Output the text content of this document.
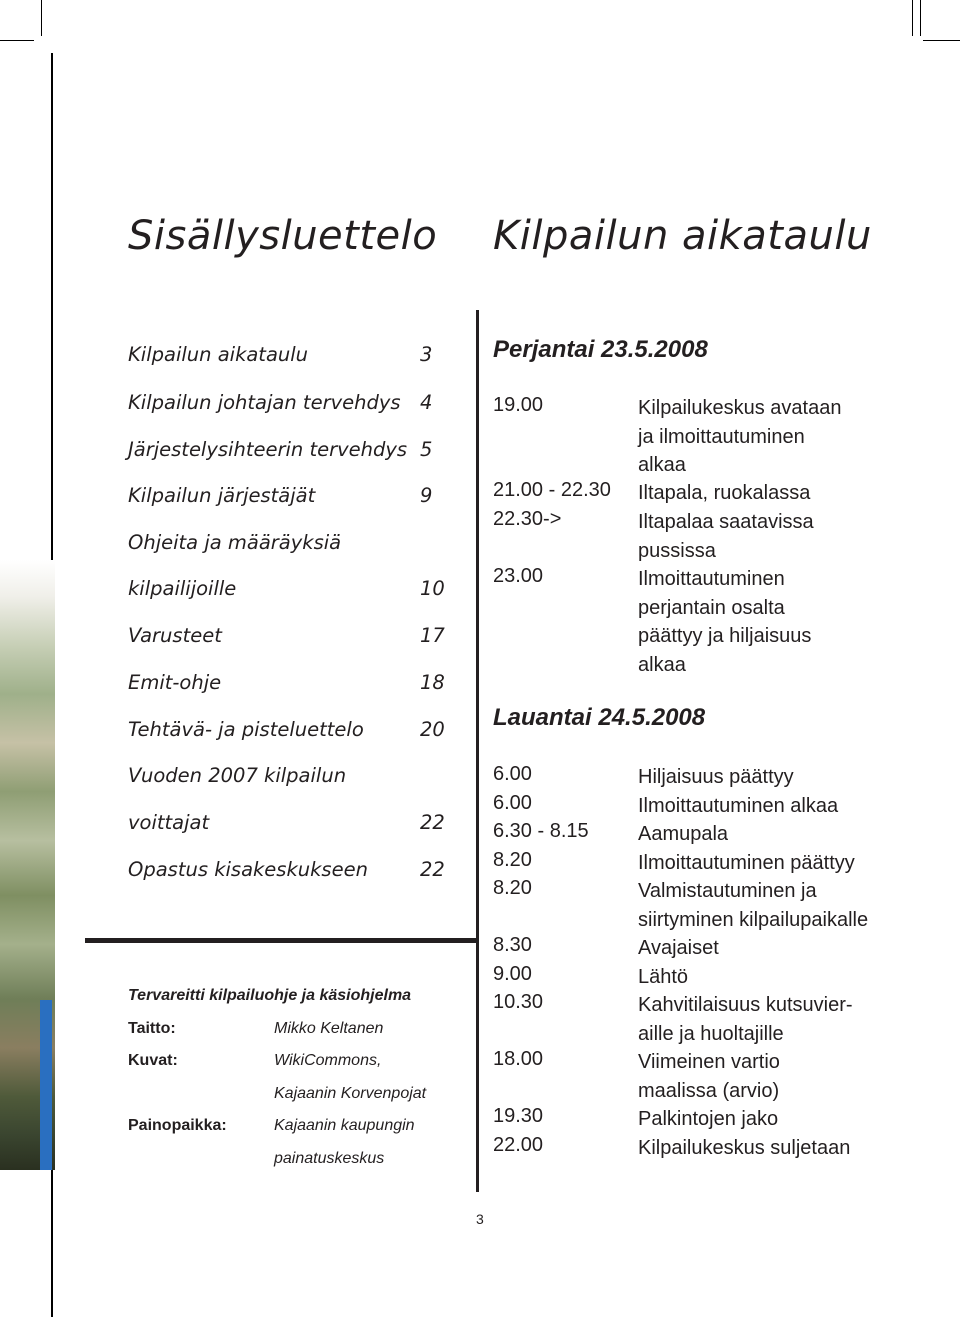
Sisällysluettelo Kilpailun aikataulu
Kilpailun aikataulu	3
Kilpailun johtajan tervehdys 4
Järjestelysihteerin tervehdys 5
Kilpailun järjestäjät	9
Ohjeita ja määräyksiä
kilpailijoille	10
Varusteet	17
Emit-ohje	18
Tehtävä- ja pisteluettelo	20
Vuoden 2007 kilpailun
voittajat	22
Opastus kisakeskukseen	22
Tervareitti kilpailuohje ja käsiohjelma
Taitto:	Mikko Keltanen
Kuvat:	WikiCommons,
Kajaanin Korvenpojat
Painopaikka:	Kajaanin kaupungin
painatuskeskus
Perjantai 23.5.2008
19.00	Kilpailukeskus avataan
ja ilmoittautuminen
alkaa
21.00 - 22.30 Iltapala, ruokalassa
22.30->	Iltapalaa saatavissa
pussissa
23.00	Ilmoittautuminen
perjantain osalta
päättyy ja hiljaisuus
alkaa
Lauantai 24.5.2008
6.00	Hiljaisuus päättyy
6.00	Ilmoittautuminen alkaa
6.30 - 8.15 Aamupala
8.20	Ilmoittautuminen päättyy
8.20	Valmistautuminen ja
siirtyminen kilpailupaikalle
8.30	Avajaiset
9.00	Lähtö
10.30	Kahvitilaisuus kutsuvier-
aille ja huoltajille
18.00	Viimeinen vartio
maalissa (arvio)
19.30	Palkintojen jako
22.00	Kilpailukeskus suljetaan
3
